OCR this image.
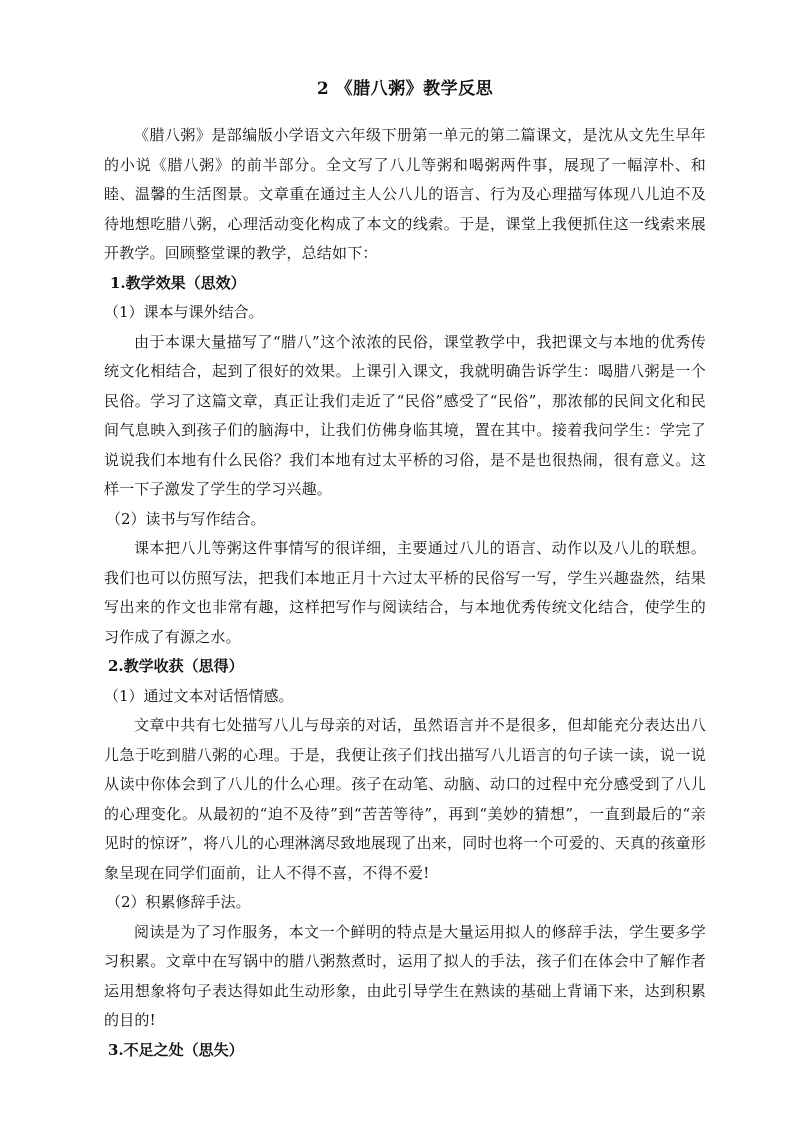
2 《腊八粥》教学反思

《腊八粥》是部编版小学语文六年级下册第一单元的第二篇课文，是沈从文先生早年的小说《腊八粥》的前半部分。全文写了八儿等粥和喝粥两件事，展现了一幅淳朴、和睦、温馨的生活图景。文章重在通过主人公八儿的语言、行为及心理描写体现八儿迫不及待地想吃腊八粥，心理活动变化构成了本文的线索。于是，课堂上我便抓住这一线索来展开教学。回顾整堂课的教学，总结如下：

1.教学效果（思效）

（1）课本与课外结合。

由于本课大量描写了“腊八”这个浓浓的民俗，课堂教学中，我把课文与本地的优秀传统文化相结合，起到了很好的效果。上课引入课文，我就明确告诉学生：喝腊八粥是一个民俗。学习了这篇文章，真正让我们走近了“民俗”感受了“民俗”，那浓郁的民间文化和民间气息映入到孩子们的脑海中，让我们仿佛身临其境，置在其中。接着我问学生：学完了说说我们本地有什么民俗？我们本地有过太平桥的习俗，是不是也很热闹，很有意义。这样一下子激发了学生的学习兴趣。

（2）读书与写作结合。

课本把八儿等粥这件事情写的很详细，主要通过八儿的语言、动作以及八儿的联想。我们也可以仿照写法，把我们本地正月十六过太平桥的民俗写一写，学生兴趣盎然，结果写出来的作文也非常有趣，这样把写作与阅读结合，与本地优秀传统文化结合，使学生的习作成了有源之水。

2.教学收获（思得）

（1）通过文本对话悟情感。

文章中共有七处描写八儿与母亲的对话，虽然语言并不是很多，但却能充分表达出八儿急于吃到腊八粥的心理。于是，我便让孩子们找出描写八儿语言的句子读一读，说一说从读中你体会到了八儿的什么心理。孩子在动笔、动脑、动口的过程中充分感受到了八儿的心理变化。从最初的“迫不及待”到“苦苦等待”，再到“美妙的猜想”，一直到最后的“亲见时的惊讶”，将八儿的心理淋漓尽致地展现了出来，同时也将一个可爱的、天真的孩童形象呈现在同学们面前，让人不得不喜，不得不爱!

（2）积累修辞手法。

阅读是为了习作服务，本文一个鲜明的特点是大量运用拟人的修辞手法，学生要多学习积累。文章中在写锅中的腊八粥熬煮时，运用了拟人的手法，孩子们在体会中了解作者运用想象将句子表达得如此生动形象，由此引导学生在熟读的基础上背诵下来，达到积累的目的!

3.不足之处（思失）
